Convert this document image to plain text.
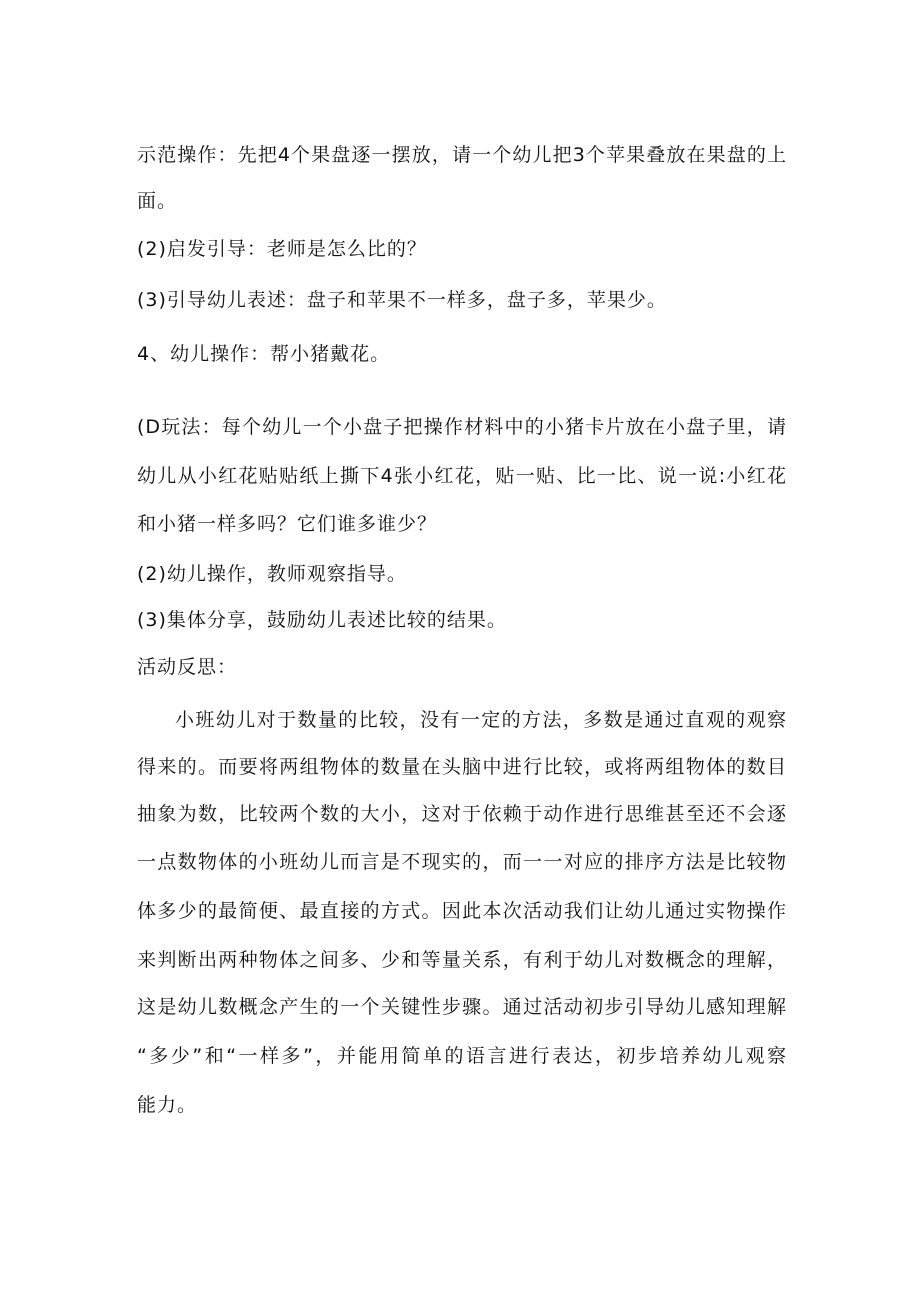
示范操作：先把4个果盘逐一摆放，请一个幼儿把3个苹果叠放在果盘的上
面。
(2)启发引导：老师是怎么比的？
(3)引导幼儿表述：盘子和苹果不一样多，盘子多，苹果少。
4、幼儿操作：帮小猪戴花。
(D玩法：每个幼儿一个小盘子把操作材料中的小猪卡片放在小盘子里，请
幼儿从小红花贴贴纸上撕下4张小红花，贴一贴、比一比、说一说:小红花
和小猪一样多吗？它们谁多谁少？
(2)幼儿操作，教师观察指导。
(3)集体分享，鼓励幼儿表述比较的结果。
活动反思：
小班幼儿对于数量的比较，没有一定的方法，多数是通过直观的观察
得来的。而要将两组物体的数量在头脑中进行比较，或将两组物体的数目
抽象为数，比较两个数的大小，这对于依赖于动作进行思维甚至还不会逐
一点数物体的小班幼儿而言是不现实的，而一一对应的排序方法是比较物
体多少的最简便、最直接的方式。因此本次活动我们让幼儿通过实物操作
来判断出两种物体之间多、少和等量关系，有利于幼儿对数概念的理解，
这是幼儿数概念产生的一个关键性步骤。通过活动初步引导幼儿感知理解
“多少”和“一样多”，并能用简单的语言进行表达，初步培养幼儿观察
能力。
